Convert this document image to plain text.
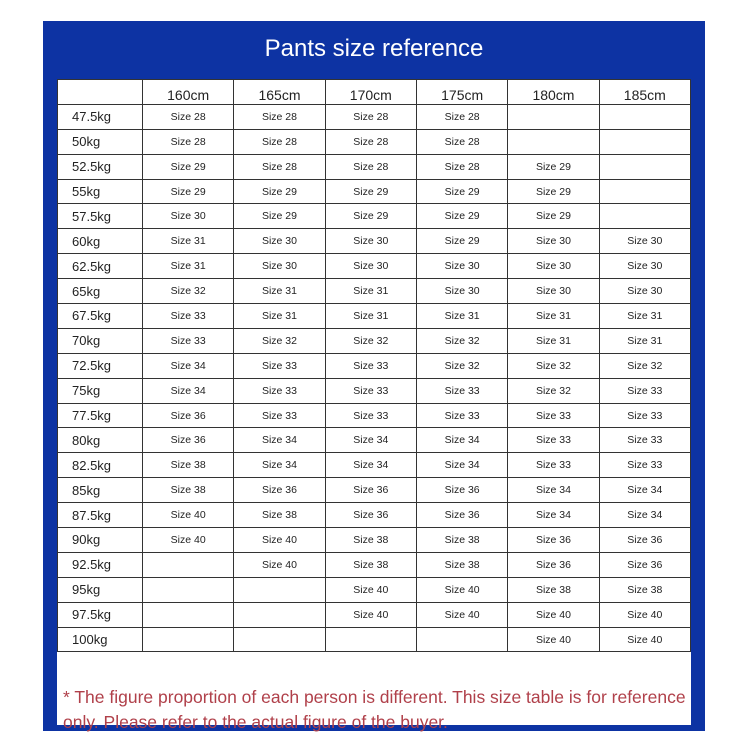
Pants size reference
	160cm	165cm	170cm	175cm	180cm	185cm
47.5kg	Size 28	Size 28	Size 28	Size 28		
50kg	Size 28	Size 28	Size 28	Size 28		
52.5kg	Size 29	Size 28	Size 28	Size 28	Size 29	
55kg	Size 29	Size 29	Size 29	Size 29	Size 29	
57.5kg	Size 30	Size 29	Size 29	Size 29	Size 29	
60kg	Size 31	Size 30	Size 30	Size 29	Size 30	Size 30
62.5kg	Size 31	Size 30	Size 30	Size 30	Size 30	Size 30
65kg	Size 32	Size 31	Size 31	Size 30	Size 30	Size 30
67.5kg	Size 33	Size 31	Size 31	Size 31	Size 31	Size 31
70kg	Size 33	Size 32	Size 32	Size 32	Size 31	Size 31
72.5kg	Size 34	Size 33	Size 33	Size 32	Size 32	Size 32
75kg	Size 34	Size 33	Size 33	Size 33	Size 32	Size 33
77.5kg	Size 36	Size 33	Size 33	Size 33	Size 33	Size 33
80kg	Size 36	Size 34	Size 34	Size 34	Size 33	Size 33
82.5kg	Size 38	Size 34	Size 34	Size 34	Size 33	Size 33
85kg	Size 38	Size 36	Size 36	Size 36	Size 34	Size 34
87.5kg	Size 40	Size 38	Size 36	Size 36	Size 34	Size 34
90kg	Size 40	Size 40	Size 38	Size 38	Size 36	Size 36
92.5kg		Size 40	Size 38	Size 38	Size 36	Size 36
95kg			Size 40	Size 40	Size 38	Size 38
97.5kg			Size 40	Size 40	Size 40	Size 40
100kg					Size 40	Size 40
* The figure proportion of each person is different. This size table is for reference only. Please refer to the actual figure of the buyer.
